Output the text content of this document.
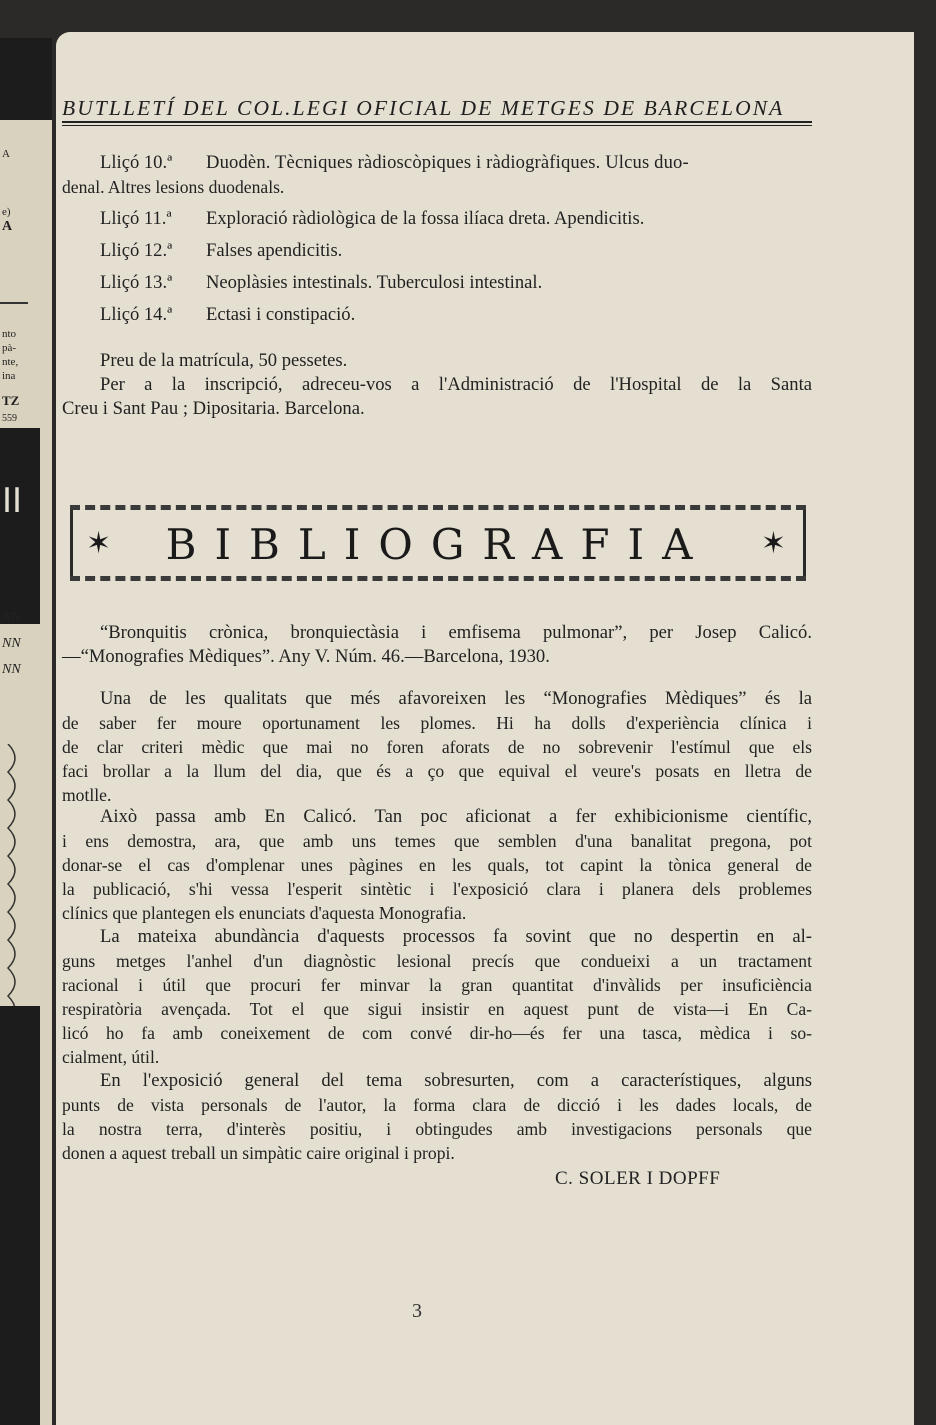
A
e)
A
nto
pà-
nte,
ina
TZ
559
II
NN
NN
NN
BUTLLETÍ DEL COL.LEGI OFICIAL DE METGES DE BARCELONA
Lliçó 10.ª Duodèn. Tècniques ràdioscòpiques i ràdiogràfiques. Ulcus duo-
denal. Altres lesions duodenals.
Lliçó 11.ª Exploració ràdiològica de la fossa ilíaca dreta. Apendicitis.
Lliçó 12.ª Falses apendicitis.
Lliçó 13.ª Neoplàsies intestinals. Tuberculosi intestinal.
Lliçó 14.ª Ectasi i constipació.
Preu de la matrícula, 50 pessetes.
Per a la inscripció, adreceu-vos a l'Administració de l'Hospital de la Santa
Creu i Sant Pau ; Dipositaria. Barcelona.
✶	BIBLIOGRAFIA	✶
“Bronquitis crònica, bronquiectàsia i emfisema pulmonar”, per Josep Calicó.
—“Monografies Mèdiques”. Any V. Núm. 46.—Barcelona, 1930.
Una de les qualitats que més afavoreixen les “Monografies Mèdiques” és la
de saber fer moure oportunament les plomes. Hi ha dolls d'experiència clínica i
de clar criteri mèdic que mai no foren aforats de no sobrevenir l'estímul que els
faci brollar a la llum del dia, que és a ço que equival el veure's posats en lletra de
motlle.
Això passa amb En Calicó. Tan poc aficionat a fer exhibicionisme científic,
i ens demostra, ara, que amb uns temes que semblen d'una banalitat pregona, pot
donar-se el cas d'omplenar unes pàgines en les quals, tot capint la tònica general de
la publicació, s'hi vessa l'esperit sintètic i l'exposició clara i planera dels problemes
clínics que plantegen els enunciats d'aquesta Monografia.
La mateixa abundància d'aquests processos fa sovint que no despertin en al-
guns metges l'anhel d'un diagnòstic lesional precís que condueixi a un tractament
racional i útil que procuri fer minvar la gran quantitat d'invàlids per insuficiència
respiratòria avençada. Tot el que sigui insistir en aquest punt de vista—i En Ca-
licó ho fa amb coneixement de com convé dir-ho—és fer una tasca, mèdica i so-
cialment, útil.
En l'exposició general del tema sobresurten, com a característiques, alguns
punts de vista personals de l'autor, la forma clara de dicció i les dades locals, de
la nostra terra, d'interès positiu, i obtingudes amb investigacions personals que
donen a aquest treball un simpàtic caire original i propi.
C. SOLER I DOPFF
3
